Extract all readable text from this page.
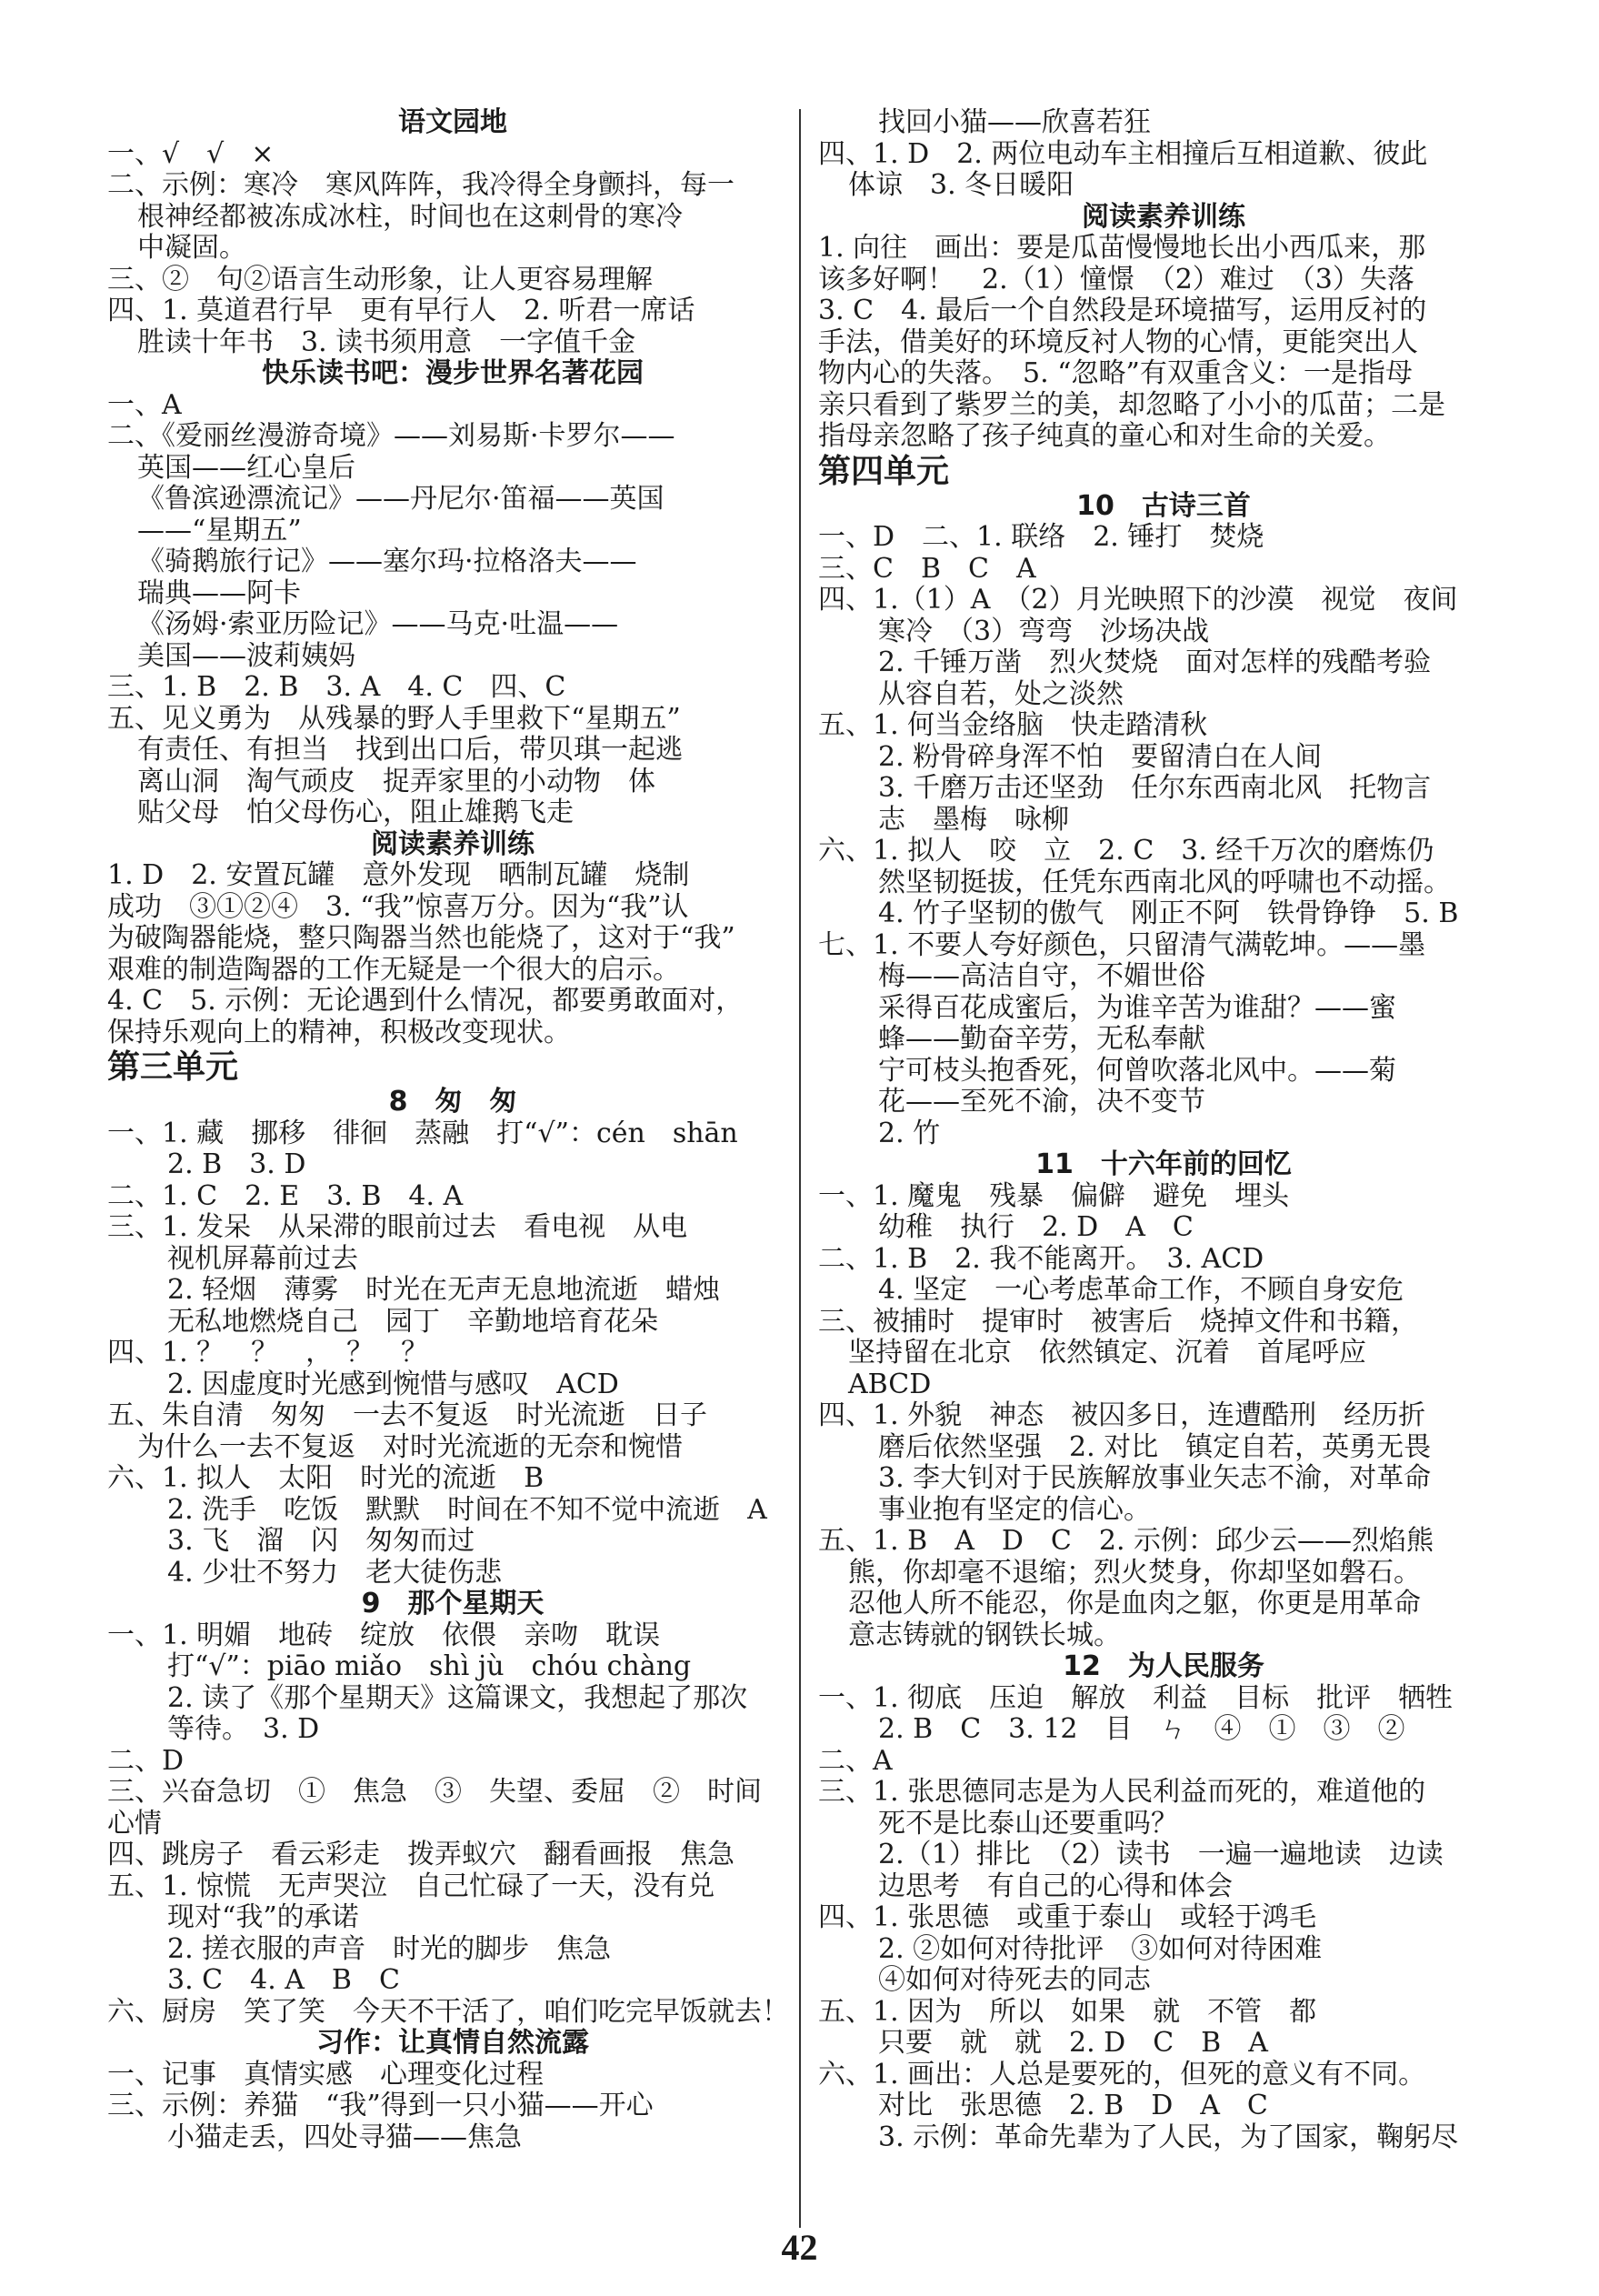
语文园地
一、√　√　×
二、示例：寒冷　寒风阵阵，我冷得全身颤抖，每一
根神经都被冻成冰柱，时间也在这刺骨的寒冷
中凝固。
三、②　句②语言生动形象，让人更容易理解
四、1. 莫道君行早　更有早行人　2. 听君一席话
胜读十年书　3. 读书须用意　一字值千金
快乐读书吧：漫步世界名著花园
一、A
二、《爱丽丝漫游奇境》——刘易斯·卡罗尔——
英国——红心皇后
《鲁滨逊漂流记》——丹尼尔·笛福——英国
——“星期五”
《骑鹅旅行记》——塞尔玛·拉格洛夫——
瑞典——阿卡
《汤姆·索亚历险记》——马克·吐温——
美国——波莉姨妈
三、1. B　2. B　3. A　4. C　四、C
五、见义勇为　从残暴的野人手里救下“星期五”
有责任、有担当　找到出口后，带贝琪一起逃
离山洞　淘气顽皮　捉弄家里的小动物　体
贴父母　怕父母伤心，阻止雄鹅飞走
阅读素养训练
1. D　2. 安置瓦罐　意外发现　晒制瓦罐　烧制
成功　③①②④　3. “我”惊喜万分。因为“我”认
为破陶器能烧，整只陶器当然也能烧了，这对于“我”
艰难的制造陶器的工作无疑是一个很大的启示。
4. C　5. 示例：无论遇到什么情况，都要勇敢面对，
保持乐观向上的精神，积极改变现状。
第三单元
8　匆　匆
一、1. 藏　挪移　徘徊　蒸融　打“√”：cén　shān
2. B　3. D
二、1. C　2. E　3. B　4. A
三、1. 发呆　从呆滞的眼前过去　看电视　从电
视机屏幕前过去
2. 轻烟　薄雾　时光在无声无息地流逝　蜡烛
无私地燃烧自己　园丁　辛勤地培育花朵
四、1. ？　？　，　？　？
2. 因虚度时光感到惋惜与感叹　ACD
五、朱自清　匆匆　一去不复返　时光流逝　日子
为什么一去不复返　对时光流逝的无奈和惋惜
六、1. 拟人　太阳　时光的流逝　B
2. 洗手　吃饭　默默　时间在不知不觉中流逝　A
3. 飞　溜　闪　匆匆而过
4. 少壮不努力　老大徒伤悲
9　那个星期天
一、1. 明媚　地砖　绽放　依偎　亲吻　耽误
打“√”：piāo miǎo　shì jù　chóu chàng
2. 读了《那个星期天》这篇课文，我想起了那次
等待。　3. D
二、D
三、兴奋急切　①　焦急　③　失望、委屈　②　时间
心情
四、跳房子　看云彩走　拨弄蚁穴　翻看画报　焦急
五、1. 惊慌　无声哭泣　自己忙碌了一天，没有兑
现对“我”的承诺
2. 搓衣服的声音　时光的脚步　焦急
3. C　4. A　B　C
六、厨房　笑了笑　今天不干活了，咱们吃完早饭就去！
习作：让真情自然流露
一、记事　真情实感　心理变化过程
三、示例：养猫　“我”得到一只小猫——开心
小猫走丢，四处寻猫——焦急
找回小猫——欣喜若狂
四、1. D　2. 两位电动车主相撞后互相道歉、彼此
体谅　3. 冬日暖阳
阅读素养训练
1. 向往　画出：要是瓜苗慢慢地长出小西瓜来，那
该多好啊！　2.（1）憧憬　（2）难过　（3）失落
3. C　4. 最后一个自然段是环境描写，运用反衬的
手法，借美好的环境反衬人物的心情，更能突出人
物内心的失落。　5. “忽略”有双重含义：一是指母
亲只看到了紫罗兰的美，却忽略了小小的瓜苗；二是
指母亲忽略了孩子纯真的童心和对生命的关爱。
第四单元
10　古诗三首
一、D　二、1. 联络　2. 锤打　焚烧
三、C　B　C　A
四、1.（1）A　（2）月光映照下的沙漠　视觉　夜间
寒冷　（3）弯弯　沙场决战
2. 千锤万凿　烈火焚烧　面对怎样的残酷考验
从容自若，处之淡然
五、1. 何当金络脑　快走踏清秋
2. 粉骨碎身浑不怕　要留清白在人间
3. 千磨万击还坚劲　任尔东西南北风　托物言
志　墨梅　咏柳
六、1. 拟人　咬　立　2. C　3. 经千万次的磨炼仍
然坚韧挺拔，任凭东西南北风的呼啸也不动摇。
4. 竹子坚韧的傲气　刚正不阿　铁骨铮铮　5. B
七、1. 不要人夸好颜色，只留清气满乾坤。——墨
梅——高洁自守，不媚世俗
采得百花成蜜后，为谁辛苦为谁甜？——蜜
蜂——勤奋辛劳，无私奉献
宁可枝头抱香死，何曾吹落北风中。——菊
花——至死不渝，决不变节
2. 竹
11　十六年前的回忆
一、1. 魔鬼　残暴　偏僻　避免　埋头
幼稚　执行　2. D　A　C
二、1. B　2. 我不能离开。　3. ACD
4. 坚定　一心考虑革命工作，不顾自身安危
三、被捕时　提审时　被害后　烧掉文件和书籍，
坚持留在北京　依然镇定、沉着　首尾呼应
ABCD
四、1. 外貌　神态　被囚多日，连遭酷刑　经历折
磨后依然坚强　2. 对比　镇定自若，英勇无畏
3. 李大钊对于民族解放事业矢志不渝，对革命
事业抱有坚定的信心。
五、1. B　A　D　C　2. 示例：邱少云——烈焰熊
熊，你却毫不退缩；烈火焚身，你却坚如磐石。
忍他人所不能忍，你是血肉之躯，你更是用革命
意志铸就的钢铁长城。
12　为人民服务
一、1. 彻底　压迫　解放　利益　目标　批评　牺牲
2. B　C　3. 12　目　ㄣ　④　①　③　②
二、A
三、1. 张思德同志是为人民利益而死的，难道他的
死不是比泰山还要重吗？
2.（1）排比　（2）读书　一遍一遍地读　边读
边思考　有自己的心得和体会
四、1. 张思德　或重于泰山　或轻于鸿毛
2. ②如何对待批评　③如何对待困难
④如何对待死去的同志
五、1. 因为　所以　如果　就　不管　都
只要　就　就　2. D　C　B　A
六、1. 画出：人总是要死的，但死的意义有不同。
对比　张思德　2. B　D　A　C
3. 示例：革命先辈为了人民，为了国家，鞠躬尽
42
